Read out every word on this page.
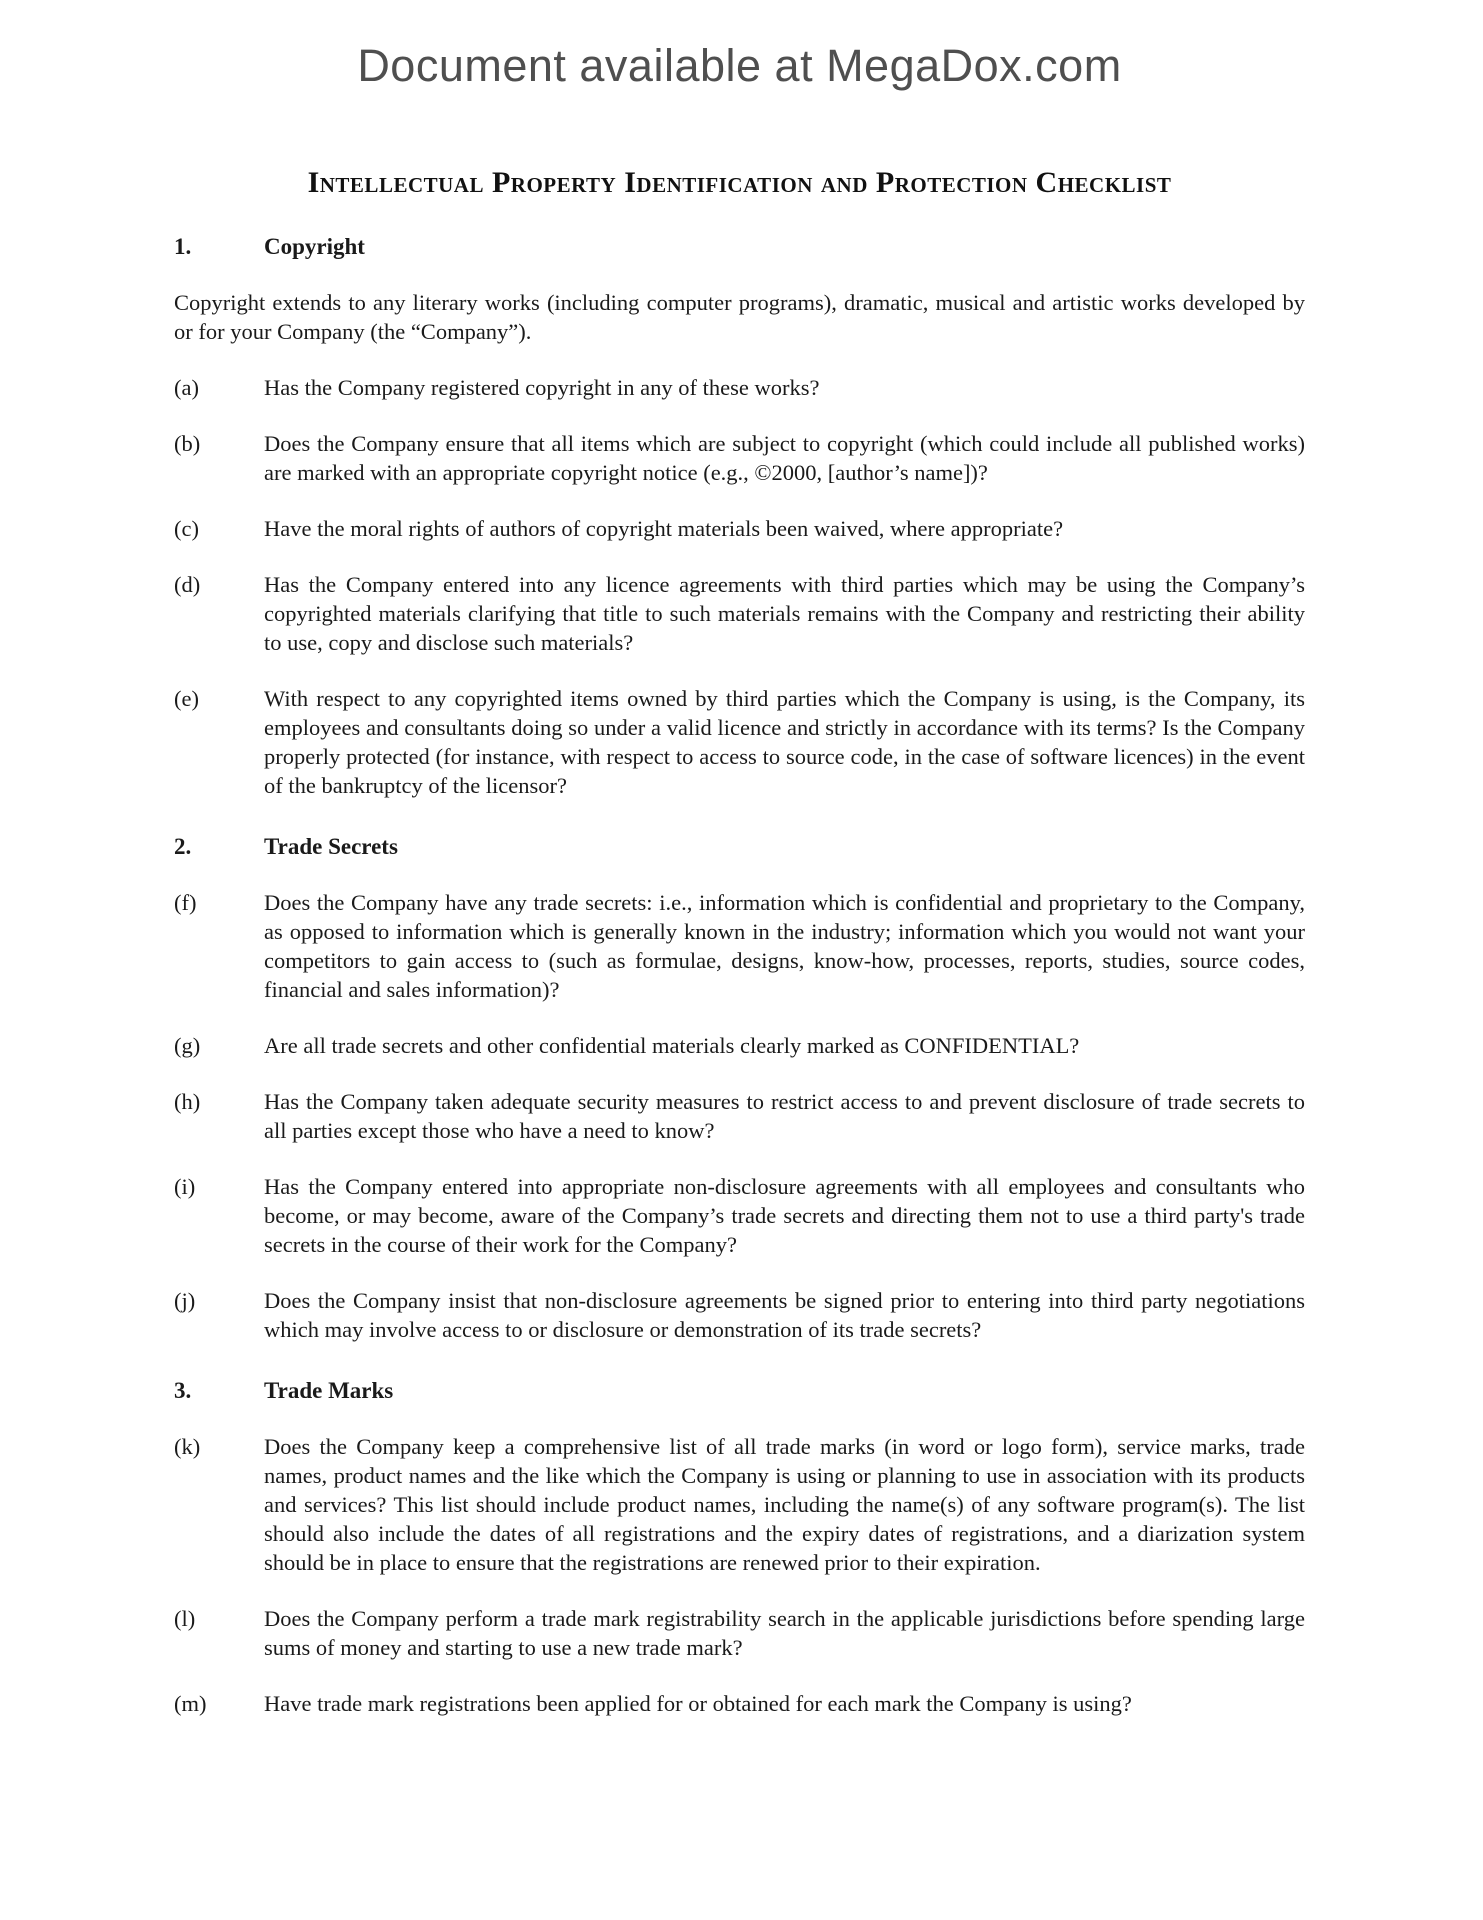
Document available at MegaDox.com
Intellectual Property Identification and Protection Checklist
1.	Copyright

Copyright extends to any literary works (including computer programs), dramatic, musical and artistic works developed by or for your Company (the “Company”).

(a)	Has the Company registered copyright in any of these works?
(b)	Does the Company ensure that all items which are subject to copyright (which could include all published works) are marked with an appropriate copyright notice (e.g., ©2000, [author’s name])?
(c)	Have the moral rights of authors of copyright materials been waived, where appropriate?
(d)	Has the Company entered into any licence agreements with third parties which may be using the Company’s copyrighted materials clarifying that title to such materials remains with the Company and restricting their ability to use, copy and disclose such materials?
(e)	With respect to any copyrighted items owned by third parties which the Company is using, is the Company, its employees and consultants doing so under a valid licence and strictly in accordance with its terms? Is the Company properly protected (for instance, with respect to access to source code, in the case of software licences) in the event of the bankruptcy of the licensor?
2.	Trade Secrets
(f)	Does the Company have any trade secrets: i.e., information which is confidential and proprietary to the Company, as opposed to information which is generally known in the industry; information which you would not want your competitors to gain access to (such as formulae, designs, know-how, processes, reports, studies, source codes, financial and sales information)?
(g)	Are all trade secrets and other confidential materials clearly marked as CONFIDENTIAL?
(h)	Has the Company taken adequate security measures to restrict access to and prevent disclosure of trade secrets to all parties except those who have a need to know?
(i)	Has the Company entered into appropriate non-disclosure agreements with all employees and consultants who become, or may become, aware of the Company’s trade secrets and directing them not to use a third party's trade secrets in the course of their work for the Company?
(j)	Does the Company insist that non-disclosure agreements be signed prior to entering into third party negotiations which may involve access to or disclosure or demonstration of its trade secrets?
3.	Trade Marks
(k)	Does the Company keep a comprehensive list of all trade marks (in word or logo form), service marks, trade names, product names and the like which the Company is using or planning to use in association with its products and services? This list should include product names, including the name(s) of any software program(s). The list should also include the dates of all registrations and the expiry dates of registrations, and a diarization system should be in place to ensure that the registrations are renewed prior to their expiration.
(l)	Does the Company perform a trade mark registrability search in the applicable jurisdictions before spending large sums of money and starting to use a new trade mark?
(m)	Have trade mark registrations been applied for or obtained for each mark the Company is using?
